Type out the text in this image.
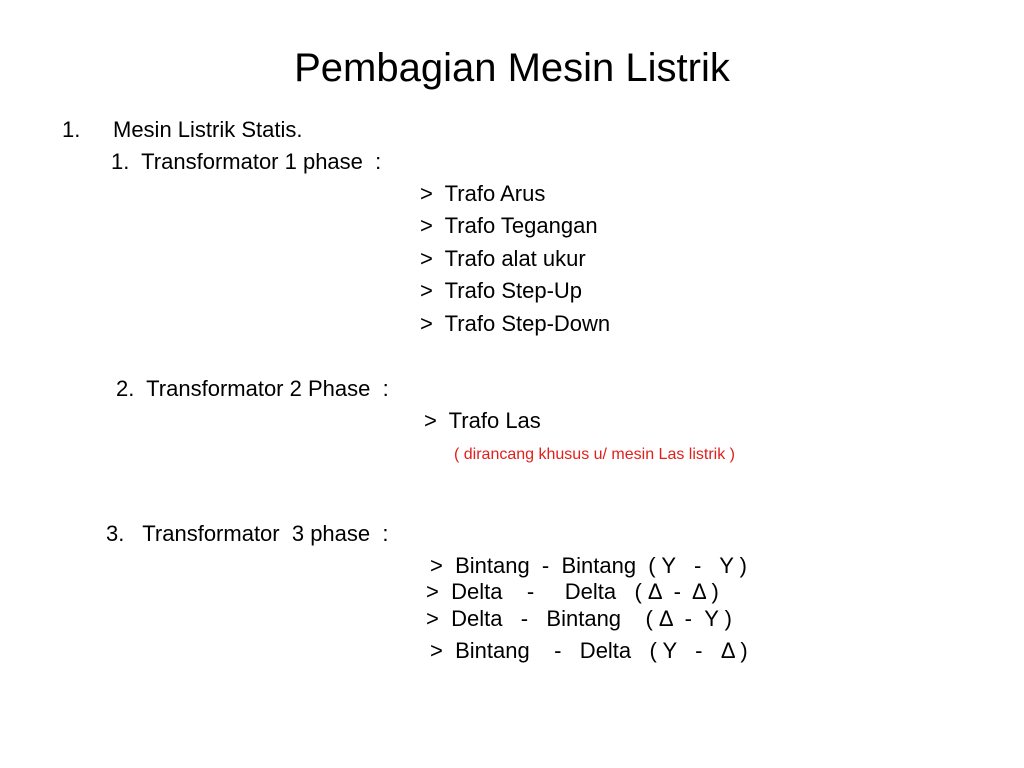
Pembagian Mesin Listrik
1. Mesin Listrik Statis.
1.  Transformator 1 phase  :
>  Trafo Arus
>  Trafo Tegangan
>  Trafo alat ukur
>  Trafo Step-Up
>  Trafo Step-Down
2.  Transformator 2 Phase  :
>  Trafo Las
( dirancang khusus u/ mesin Las listrik )
3.   Transformator  3 phase  :
>  Bintang  -  Bintang  ( Y   -   Y )
>  Delta    -     Delta   ( Δ  -  Δ )
>  Delta   -   Bintang    ( Δ  -  Y )
>  Bintang    -   Delta   ( Y   -   Δ )
